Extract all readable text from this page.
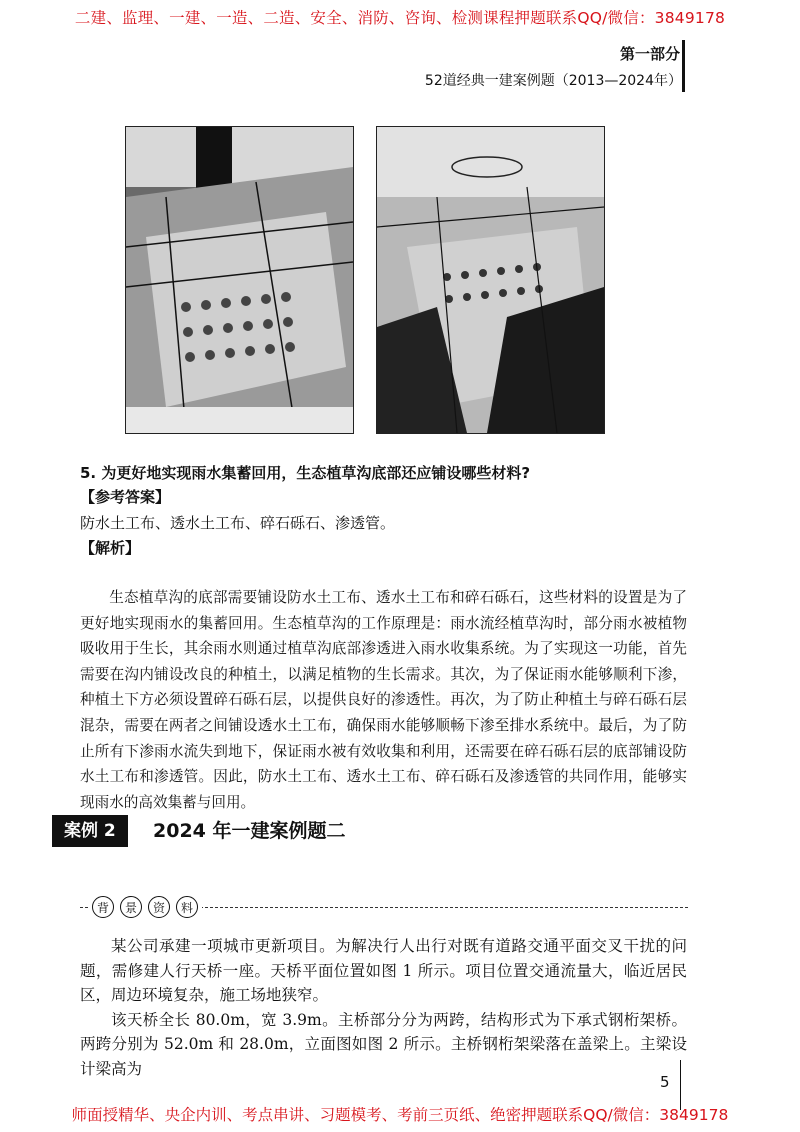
二建、监理、一建、一造、二造、安全、消防、咨询、检测课程押题联系QQ/微信：3849178
第一部分
52道经典一建案例题（2013—2024年）
5. 为更好地实现雨水集蓄回用，生态植草沟底部还应铺设哪些材料?
【参考答案】
防水土工布、透水土工布、碎石砾石、渗透管。
【解析】
生态植草沟的底部需要铺设防水土工布、透水土工布和碎石砾石，这些材料的设置是为了更好地实现雨水的集蓄回用。生态植草沟的工作原理是：雨水流经植草沟时，部分雨水被植物吸收用于生长，其余雨水则通过植草沟底部渗透进入雨水收集系统。为了实现这一功能，首先需要在沟内铺设改良的种植土，以满足植物的生长需求。其次，为了保证雨水能够顺利下渗，种植土下方必须设置碎石砾石层，以提供良好的渗透性。再次，为了防止种植土与碎石砾石层混杂，需要在两者之间铺设透水土工布，确保雨水能够顺畅下渗至排水系统中。最后，为了防止所有下渗雨水流失到地下，保证雨水被有效收集和利用，还需要在碎石砾石层的底部铺设防水土工布和渗透管。因此，防水土工布、透水土工布、碎石砾石及渗透管的共同作用，能够实现雨水的高效集蓄与回用。
案例 2	2024 年一建案例题二
背	景	资	料

某公司承建一项城市更新项目。为解决行人出行对既有道路交通平面交叉干扰的问题，需修建人行天桥一座。天桥平面位置如图 1 所示。项目位置交通流量大，临近居民区，周边环境复杂，施工场地狭窄。

该天桥全长 80.0m，宽 3.9m。主桥部分分为两跨，结构形式为下承式钢桁架桥。两跨分别为 52.0m 和 28.0m，立面图如图 2 所示。主桥钢桁架梁落在盖梁上。主梁设计梁高为

5
师面授精华、央企内训、考点串讲、习题模考、考前三页纸、绝密押题联系QQ/微信：3849178
